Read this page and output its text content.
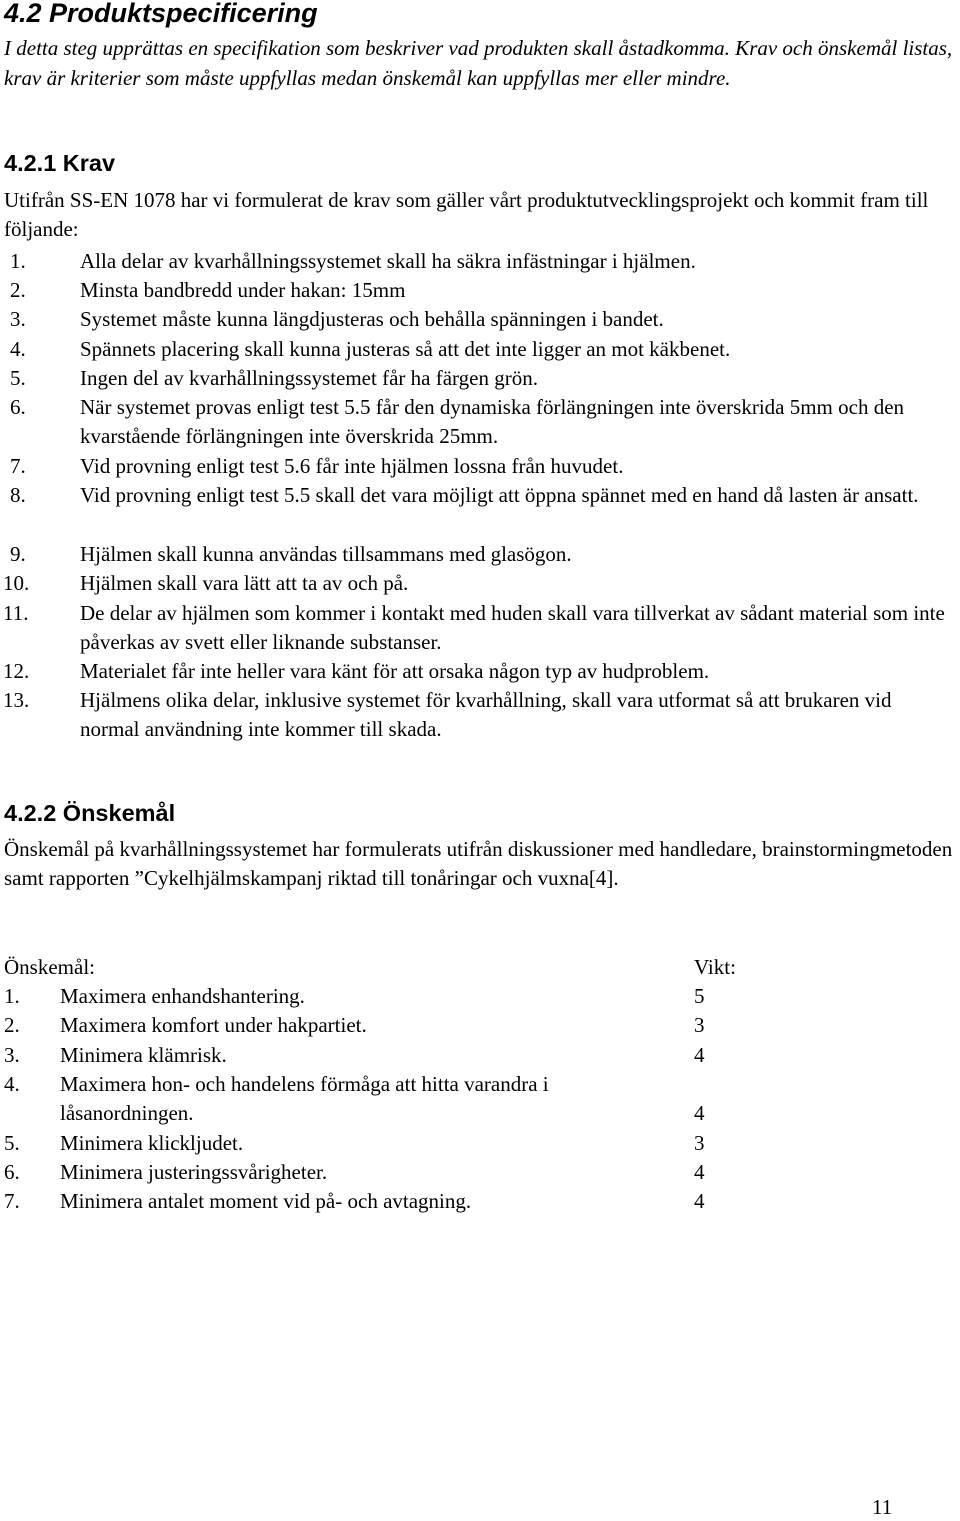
4.2 Produktspecificering
I detta steg upprättas en specifikation som beskriver vad produkten skall åstadkomma. Krav och önskemål listas, krav är kriterier som måste uppfyllas medan önskemål kan uppfyllas mer eller mindre.
4.2.1 Krav
Utifrån SS-EN 1078 har vi formulerat de krav som gäller vårt produktutvecklingsprojekt och kommit fram till följande:
1.	Alla delar av kvarhållningssystemet skall ha säkra infästningar i hjälmen.
2.	Minsta bandbredd under hakan: 15mm
3.	Systemet måste kunna längdjusteras och behålla spänningen i bandet.
4.	Spännets placering skall kunna justeras så att det inte ligger an mot käkbenet.
5.	Ingen del av kvarhållningssystemet får ha färgen grön.
6.	När systemet provas enligt test 5.5 får den dynamiska förlängningen inte överskrida 5mm och den kvarstående förlängningen inte överskrida 25mm.
7.	Vid provning enligt test 5.6 får inte hjälmen lossna från huvudet.
8.	Vid provning enligt test 5.5 skall det vara möjligt att öppna spännet med en hand då lasten är ansatt.
9.	Hjälmen skall kunna användas tillsammans med glasögon.
10. Hjälmen skall vara lätt att ta av och på.
11. De delar av hjälmen som kommer i kontakt med huden skall vara tillverkat av sådant material som inte påverkas av svett eller liknande substanser.
12. Materialet får inte heller vara känt för att orsaka någon typ av hudproblem.
13. Hjälmens olika delar, inklusive systemet för kvarhållning, skall vara utformat så att brukaren vid normal användning inte kommer till skada.
4.2.2 Önskemål
Önskemål på kvarhållningssystemet har formulerats utifrån diskussioner med handledare, brainstormingmetoden samt rapporten ”Cykelhjälmskampanj riktad till tonåringar och vuxna[4].
Önskemål:	Vikt:
1. Maximera enhandshantering.	5
2. Maximera komfort under hakpartiet.	3
3. Minimera klämrisk.	4
4. Maximera hon- och handelens förmåga att hitta varandra i låsanordningen.	4
5. Minimera klickljudet.	3
6. Minimera justeringssvårigheter.	4
7. Minimera antalet moment vid på- och avtagning.	4
11
